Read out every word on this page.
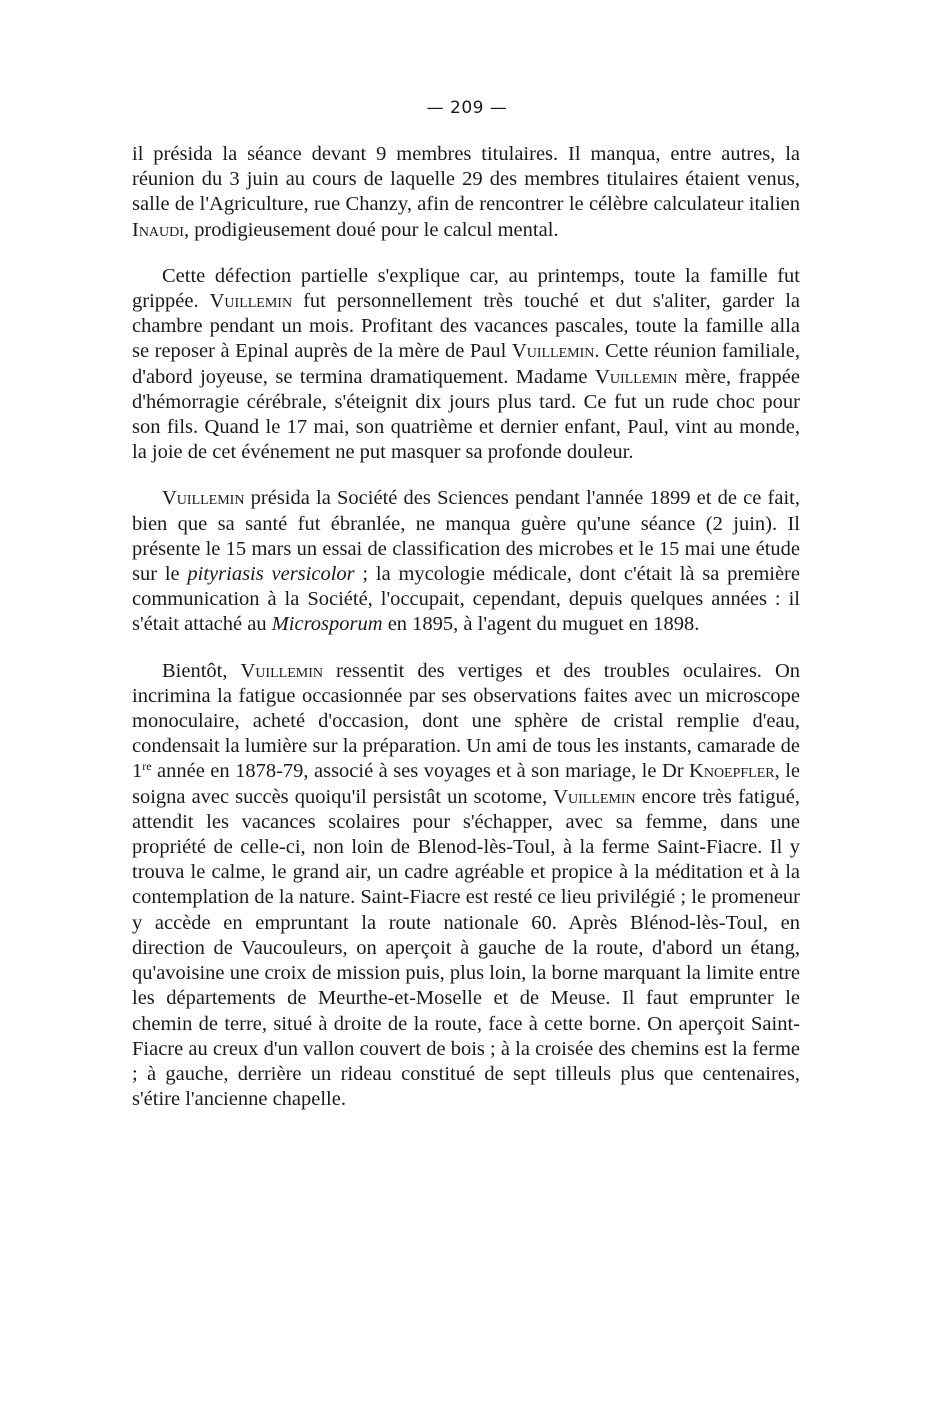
— 209 —

il présida la séance devant 9 membres titulaires. Il manqua, entre autres, la réunion du 3 juin au cours de laquelle 29 des membres titulaires étaient venus, salle de l'Agriculture, rue Chanzy, afin de rencontrer le célèbre calculateur italien Inaudi, prodigieusement doué pour le calcul mental.

Cette défection partielle s'explique car, au printemps, toute la famille fut grippée. Vuillemin fut personnellement très touché et dut s'aliter, garder la chambre pendant un mois. Profitant des vacances pascales, toute la famille alla se reposer à Epinal auprès de la mère de Paul Vuillemin. Cette réunion familiale, d'abord joyeuse, se termina dramatiquement. Madame Vuillemin mère, frappée d'hémorragie cérébrale, s'éteignit dix jours plus tard. Ce fut un rude choc pour son fils. Quand le 17 mai, son quatrième et dernier enfant, Paul, vint au monde, la joie de cet événement ne put masquer sa profonde douleur.

Vuillemin présida la Société des Sciences pendant l'année 1899 et de ce fait, bien que sa santé fut ébranlée, ne manqua guère qu'une séance (2 juin). Il présente le 15 mars un essai de classification des microbes et le 15 mai une étude sur le pityriasis versicolor ; la mycologie médicale, dont c'était là sa première communication à la Société, l'occupait, cependant, depuis quelques années : il s'était attaché au Microsporum en 1895, à l'agent du muguet en 1898.

Bientôt, Vuillemin ressentit des vertiges et des troubles oculaires. On incrimina la fatigue occasionnée par ses observations faites avec un microscope monoculaire, acheté d'occasion, dont une sphère de cristal remplie d'eau, condensait la lumière sur la préparation. Un ami de tous les instants, camarade de 1re année en 1878-79, associé à ses voyages et à son mariage, le Dr Knoepfler, le soigna avec succès quoiqu'il persistât un scotome, Vuillemin encore très fatigué, attendit les vacances scolaires pour s'échapper, avec sa femme, dans une propriété de celle-ci, non loin de Blenod-lès-Toul, à la ferme Saint-Fiacre. Il y trouva le calme, le grand air, un cadre agréable et propice à la méditation et à la contemplation de la nature. Saint-Fiacre est resté ce lieu privilégié ; le promeneur y accède en empruntant la route nationale 60. Après Blénod-lès-Toul, en direction de Vaucouleurs, on aperçoit à gauche de la route, d'abord un étang, qu'avoisine une croix de mission puis, plus loin, la borne marquant la limite entre les départements de Meurthe-et-Moselle et de Meuse. Il faut emprunter le chemin de terre, situé à droite de la route, face à cette borne. On aperçoit Saint-Fiacre au creux d'un vallon couvert de bois ; à la croisée des chemins est la ferme ; à gauche, derrière un rideau constitué de sept tilleuls plus que centenaires, s'étire l'ancienne chapelle.
